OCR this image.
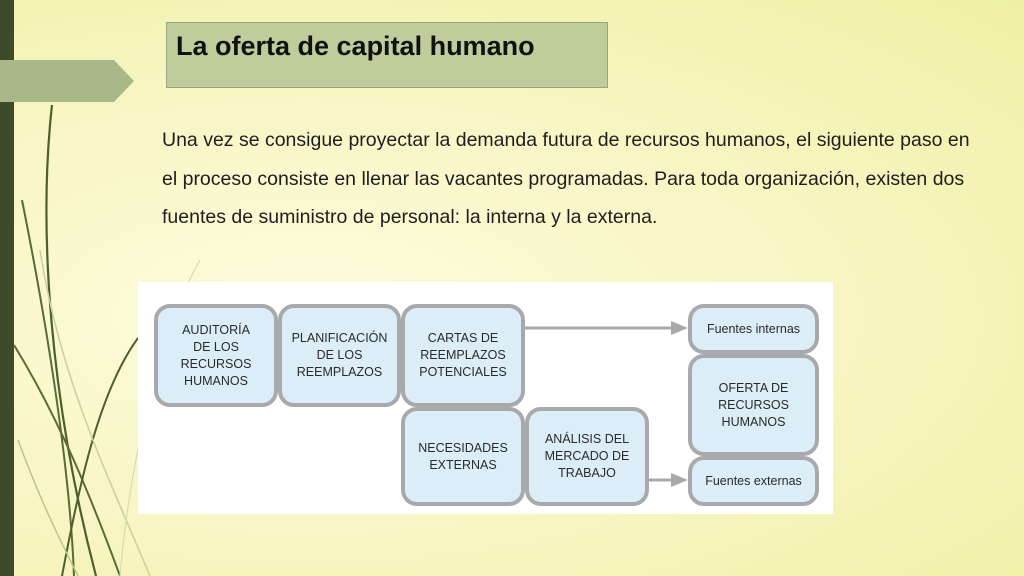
La oferta de capital humano
Una vez se consigue proyectar la demanda futura de recursos humanos, el siguiente paso en el proceso consiste en llenar las vacantes programadas. Para toda organización, existen dos fuentes de suministro de personal: la interna y la externa.
AUDITORÍA DE LOS RECURSOS HUMANOS
PLANIFICACIÓN DE LOS REEMPLAZOS
CARTAS DE REEMPLAZOS POTENCIALES
NECESIDADES EXTERNAS
ANÁLISIS DEL MERCADO DE TRABAJO
Fuentes internas
OFERTA DE RECURSOS HUMANOS
Fuentes externas
